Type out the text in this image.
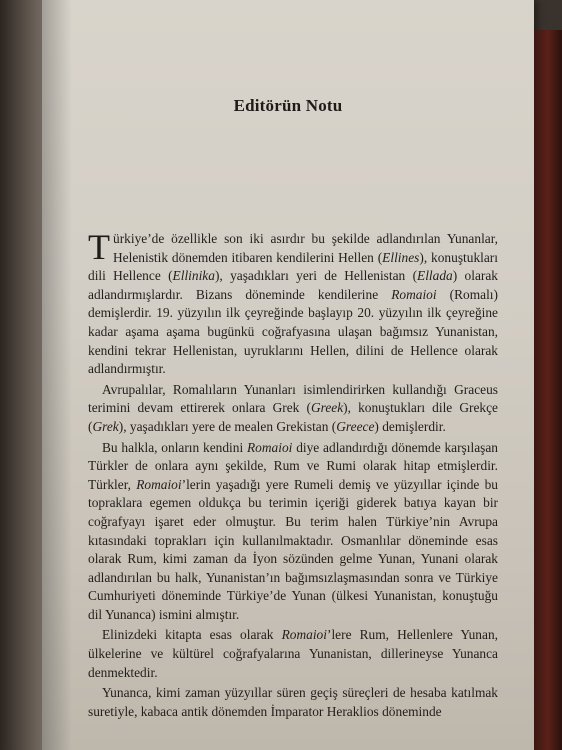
Editörün Notu

Türkiye’de özellikle son iki asırdır bu şekilde adlandırılan Yunanlar, Helenistik dönemden itibaren kendilerini Hellen (Ellines), konuştukları dili Hellence (Ellinika), yaşadıkları yeri de Hellenistan (Ellada) olarak adlandırmışlardır. Bizans döneminde kendilerine Romaioi (Romalı) demişlerdir. 19. yüzyılın ilk çeyreğinde başlayıp 20. yüzyılın ilk çeyreğine kadar aşama aşama bugünkü coğrafyasına ulaşan bağımsız Yunanistan, kendini tekrar Hellenistan, uyruklarını Hellen, dilini de Hellence olarak adlandırmıştır.

Avrupalılar, Romalıların Yunanları isimlendirirken kullandığı Graceus terimini devam ettirerek onlara Grek (Greek), konuştukları dile Grekçe (Grek), yaşadıkları yere de mealen Grekistan (Greece) demişlerdir.

Bu halkla, onların kendini Romaioi diye adlandırdığı dönemde karşılaşan Türkler de onlara aynı şekilde, Rum ve Rumi olarak hitap etmişlerdir. Türkler, Romaioi’lerin yaşadığı yere Rumeli demiş ve yüzyıllar içinde bu topraklara egemen oldukça bu terimin içeriği giderek batıya kayan bir coğrafyayı işaret eder olmuştur. Bu terim halen Türkiye’nin Avrupa kıtasındaki toprakları için kullanılmaktadır. Osmanlılar döneminde esas olarak Rum, kimi zaman da İyon sözünden gelme Yunan, Yunani olarak adlandırılan bu halk, Yunanistan’ın bağımsızlaşmasından sonra ve Türkiye Cumhuriyeti döneminde Türkiye’de Yunan (ülkesi Yunanistan, konuştuğu dil Yunanca) ismini almıştır.

Elinizdeki kitapta esas olarak Romaioi’lere Rum, Hellenlere Yunan, ülkelerine ve kültürel coğrafyalarına Yunanistan, dillerineyse Yunanca denmektedir.

Yunanca, kimi zaman yüzyıllar süren geçiş süreçleri de hesaba katılmak suretiyle, kabaca antik dönemden İmparator Heraklios döneminde
